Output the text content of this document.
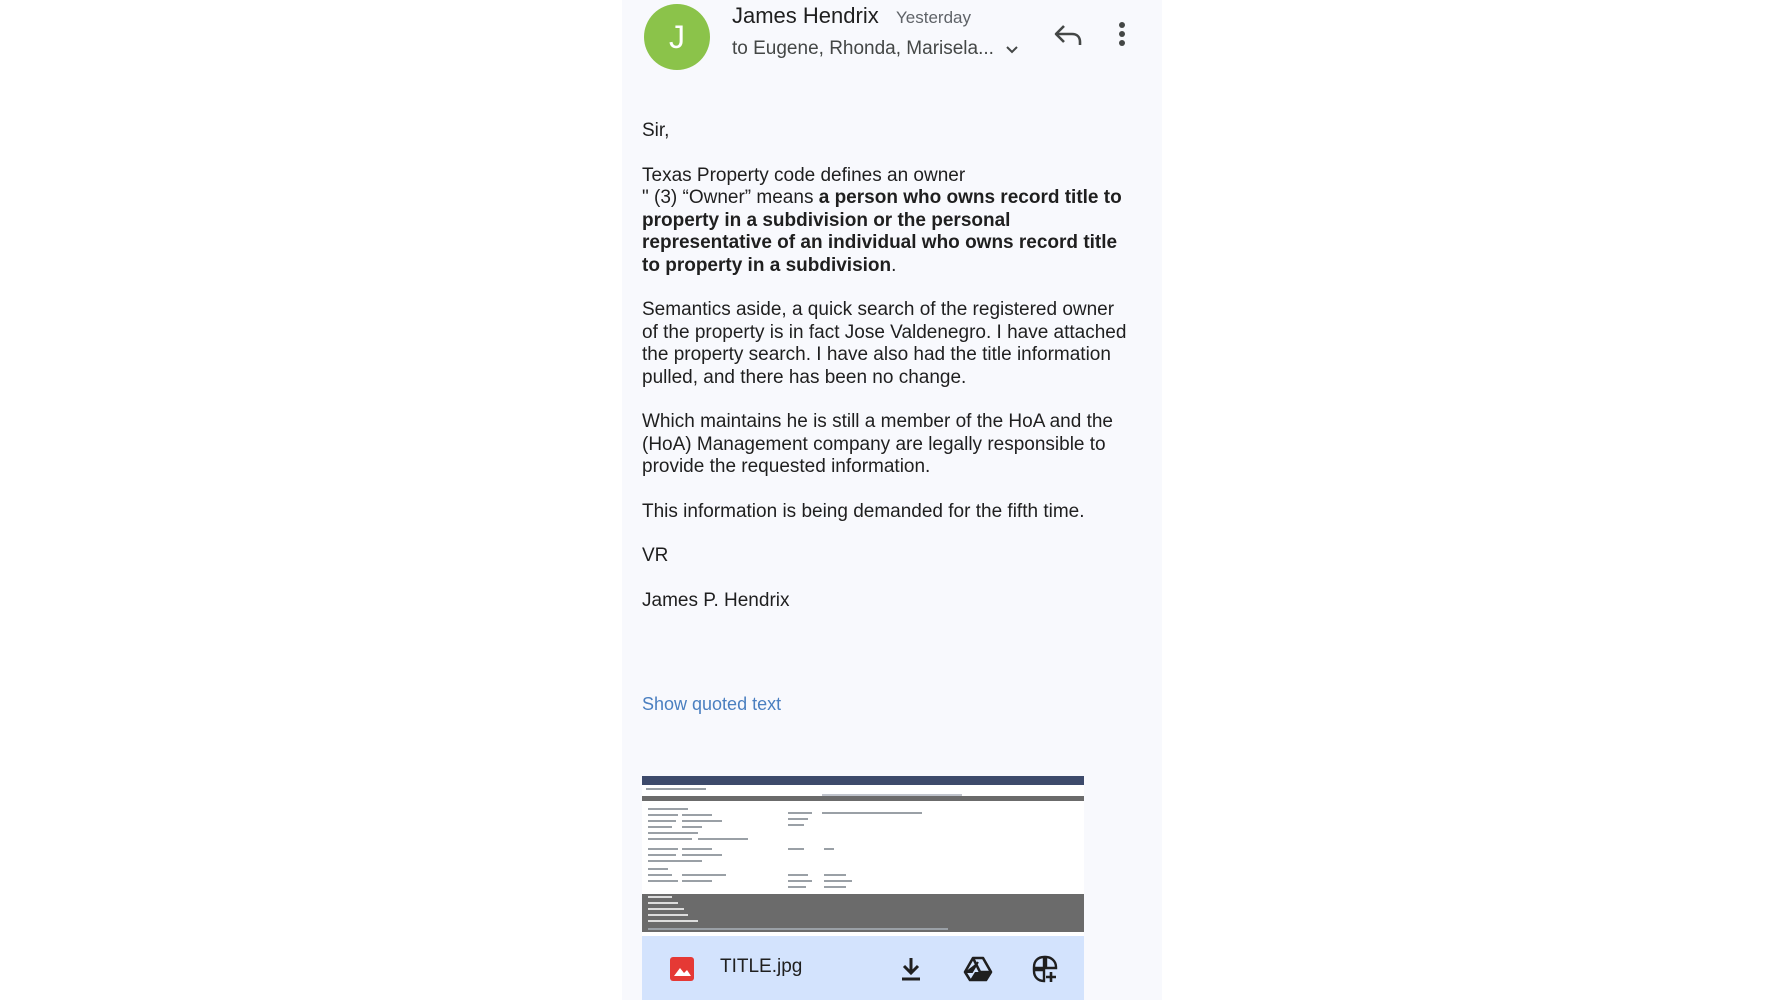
J
James Hendrix Yesterday
to Eugene, Rhonda, Marisela...

Sir,

Texas Property code defines an owner
" (3) “Owner” means a person who owns record title to property in a subdivision or the personal representative of an individual who owns record title to property in a subdivision.

Semantics aside, a quick search of the registered owner of the property is in fact Jose Valdenegro. I have attached the property search. I have also had the title information pulled, and there has been no change.

Which maintains he is still a member of the HoA and the (HoA) Management company are legally responsible to provide the requested information.

This information is being demanded for the fifth time.

VR

James P. Hendrix

Show quoted text
TITLE.jpg
